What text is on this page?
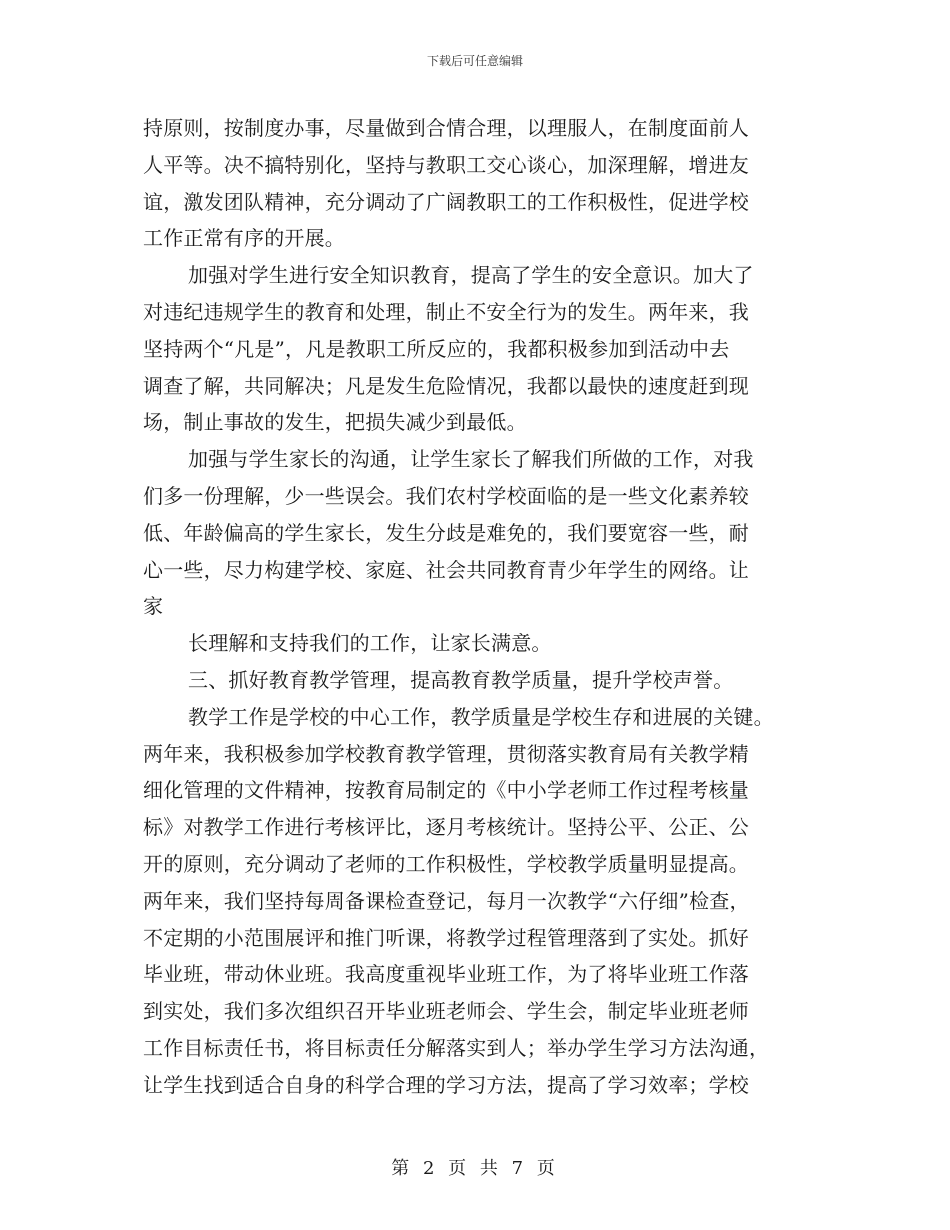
下载后可任意编辑
持原则，按制度办事，尽量做到合情合理，以理服人，在制度面前人
人平等。决不搞特别化，坚持与教职工交心谈心，加深理解，增进友
谊，激发团队精神，充分调动了广阔教职工的工作积极性，促进学校
工作正常有序的开展。
加强对学生进行安全知识教育，提高了学生的安全意识。加大了
对违纪违规学生的教育和处理，制止不安全行为的发生。两年来，我
坚持两个“凡是”，凡是教职工所反应的，我都积极参加到活动中去
调查了解，共同解决；凡是发生危险情况，我都以最快的速度赶到现
场，制止事故的发生，把损失减少到最低。
加强与学生家长的沟通，让学生家长了解我们所做的工作，对我
们多一份理解，少一些误会。我们农村学校面临的是一些文化素养较
低、年龄偏高的学生家长，发生分歧是难免的，我们要宽容一些，耐
心一些，尽力构建学校、家庭、社会共同教育青少年学生的网络。让
家
长理解和支持我们的工作，让家长满意。
三、抓好教育教学管理，提高教育教学质量，提升学校声誉。
教学工作是学校的中心工作，教学质量是学校生存和进展的关键。
两年来，我积极参加学校教育教学管理，贯彻落实教育局有关教学精
细化管理的文件精神，按教育局制定的《中小学老师工作过程考核量
标》对教学工作进行考核评比，逐月考核统计。坚持公平、公正、公
开的原则，充分调动了老师的工作积极性，学校教学质量明显提高。
两年来，我们坚持每周备课检查登记，每月一次教学“六仔细”检查，
不定期的小范围展评和推门听课，将教学过程管理落到了实处。抓好
毕业班，带动休业班。我高度重视毕业班工作，为了将毕业班工作落
到实处，我们多次组织召开毕业班老师会、学生会，制定毕业班老师
工作目标责任书，将目标责任分解落实到人；举办学生学习方法沟通，
让学生找到适合自身的科学合理的学习方法，提高了学习效率；学校
第 2 页 共 7 页
